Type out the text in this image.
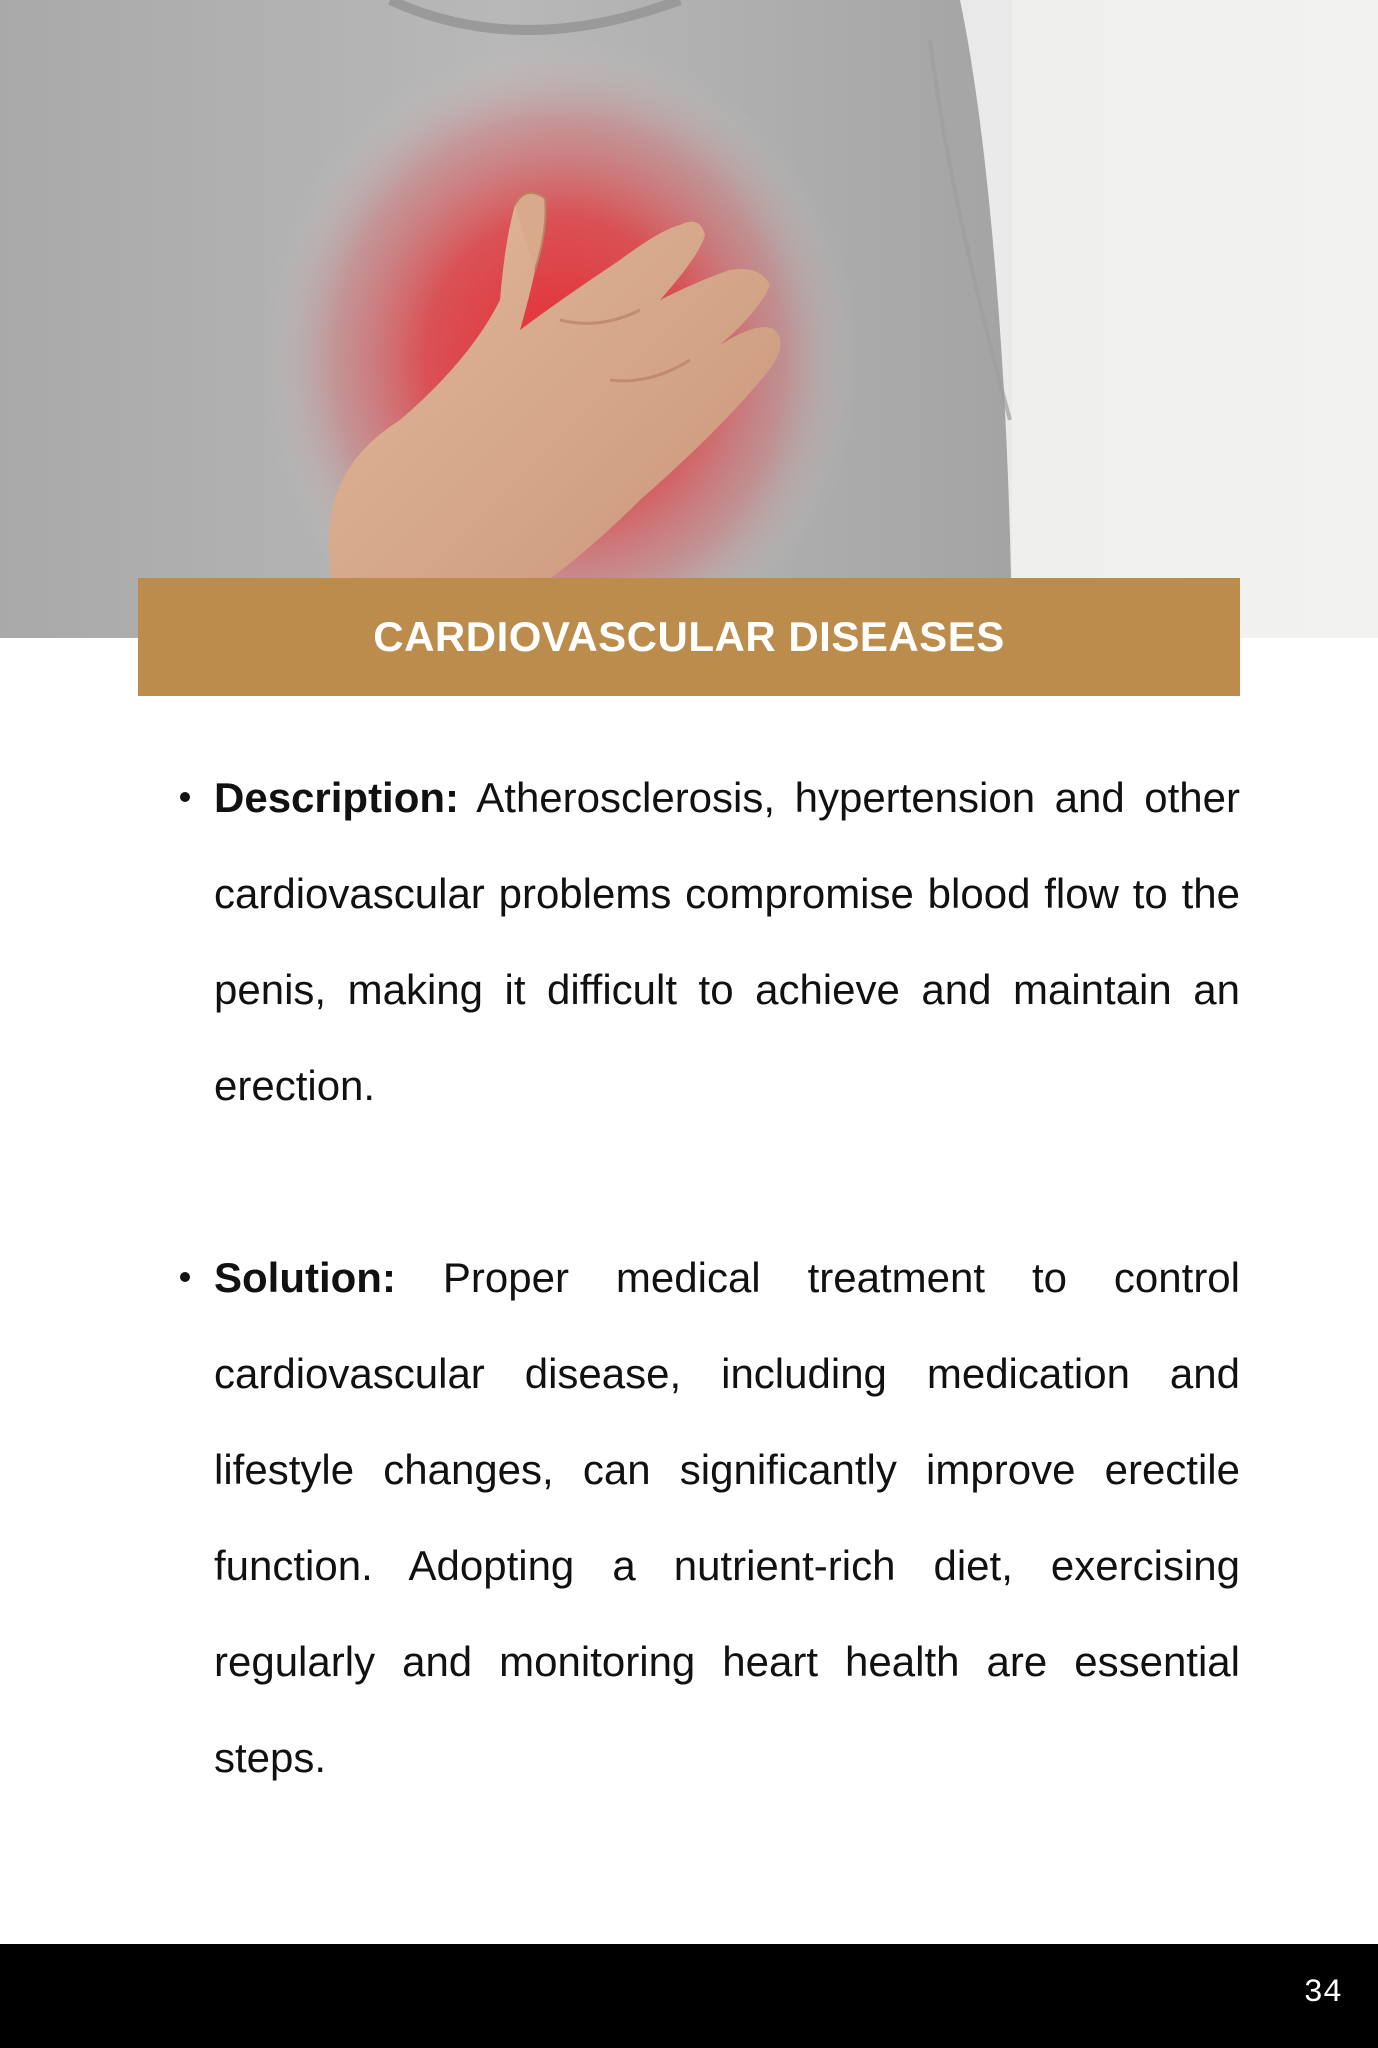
CARDIOVASCULAR DISEASES
Description: Atherosclerosis, hypertension and other cardiovascular problems compromise blood flow to the penis, making it difficult to achieve and maintain an erection.
Solution: Proper medical treatment to control cardiovascular disease, including medication and lifestyle changes, can significantly improve erectile function. Adopting a nutrient-rich diet, exercising regularly and monitoring heart health are essential steps.
34
